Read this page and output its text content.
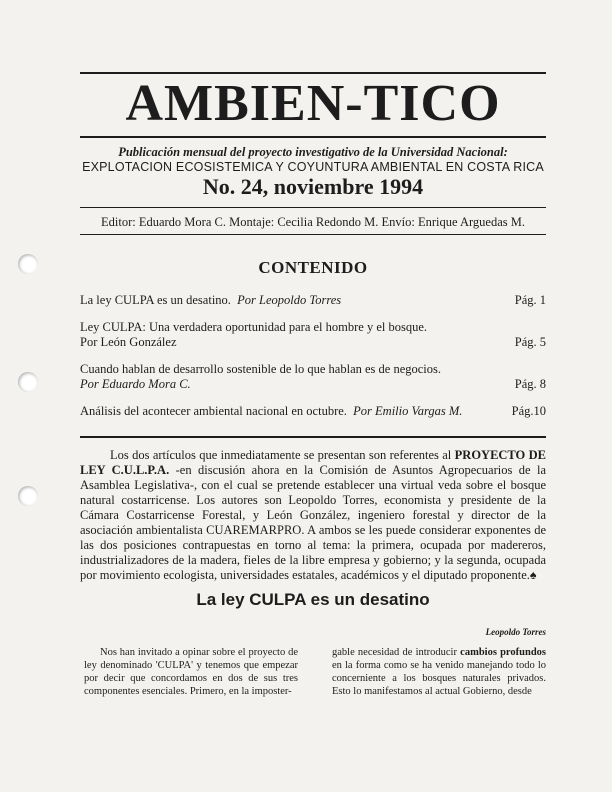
AMBIEN-TICO
Publicación mensual del proyecto investigativo de la Universidad Nacional:
EXPLOTACION ECOSISTEMICA Y COYUNTURA AMBIENTAL EN COSTA RICA
No. 24, noviembre 1994
Editor: Eduardo Mora C. Montaje: Cecilia Redondo M. Envío: Enrique Arguedas M.
CONTENIDO
La ley CULPA es un desatino. Por Leopoldo Torres	Pág. 1
Ley CULPA: Una verdadera oportunidad para el hombre y el bosque.
Por León González	Pág. 5
Cuando hablan de desarrollo sostenible de lo que hablan es de negocios.
Por Eduardo Mora C.	Pág. 8
Análisis del acontecer ambiental nacional en octubre. Por Emilio Vargas M.	Pág.10

Los dos artículos que inmediatamente se presentan son referentes al PROYECTO DE LEY C.U.L.P.A. -en discusión ahora en la Comisión de Asuntos Agropecuarios de la Asamblea Legislativa-, con el cual se pretende establecer una virtual veda sobre el bosque natural costarricense. Los autores son Leopoldo Torres, economista y presidente de la Cámara Costarricense Forestal, y León González, ingeniero forestal y director de la asociación ambientalista CUAREMARPRO. A ambos se les puede considerar exponentes de las dos posiciones contrapuestas en torno al tema: la primera, ocupada por madereros, industrializadores de la madera, fieles de la libre empresa y gobierno; y la segunda, ocupada por movimiento ecologista, universidades estatales, académicos y el diputado proponente.♠

La ley CULPA es un desatino
Leopoldo Torres

Nos han invitado a opinar sobre el proyecto de ley denominado 'CULPA' y tenemos que empezar por decir que concordamos en dos de sus tres componentes esenciales. Primero, en la imposter-

gable necesidad de introducir cambios profundos en la forma como se ha venido manejando todo lo concerniente a los bosques naturales privados. Esto lo manifestamos al actual Gobierno, desde
